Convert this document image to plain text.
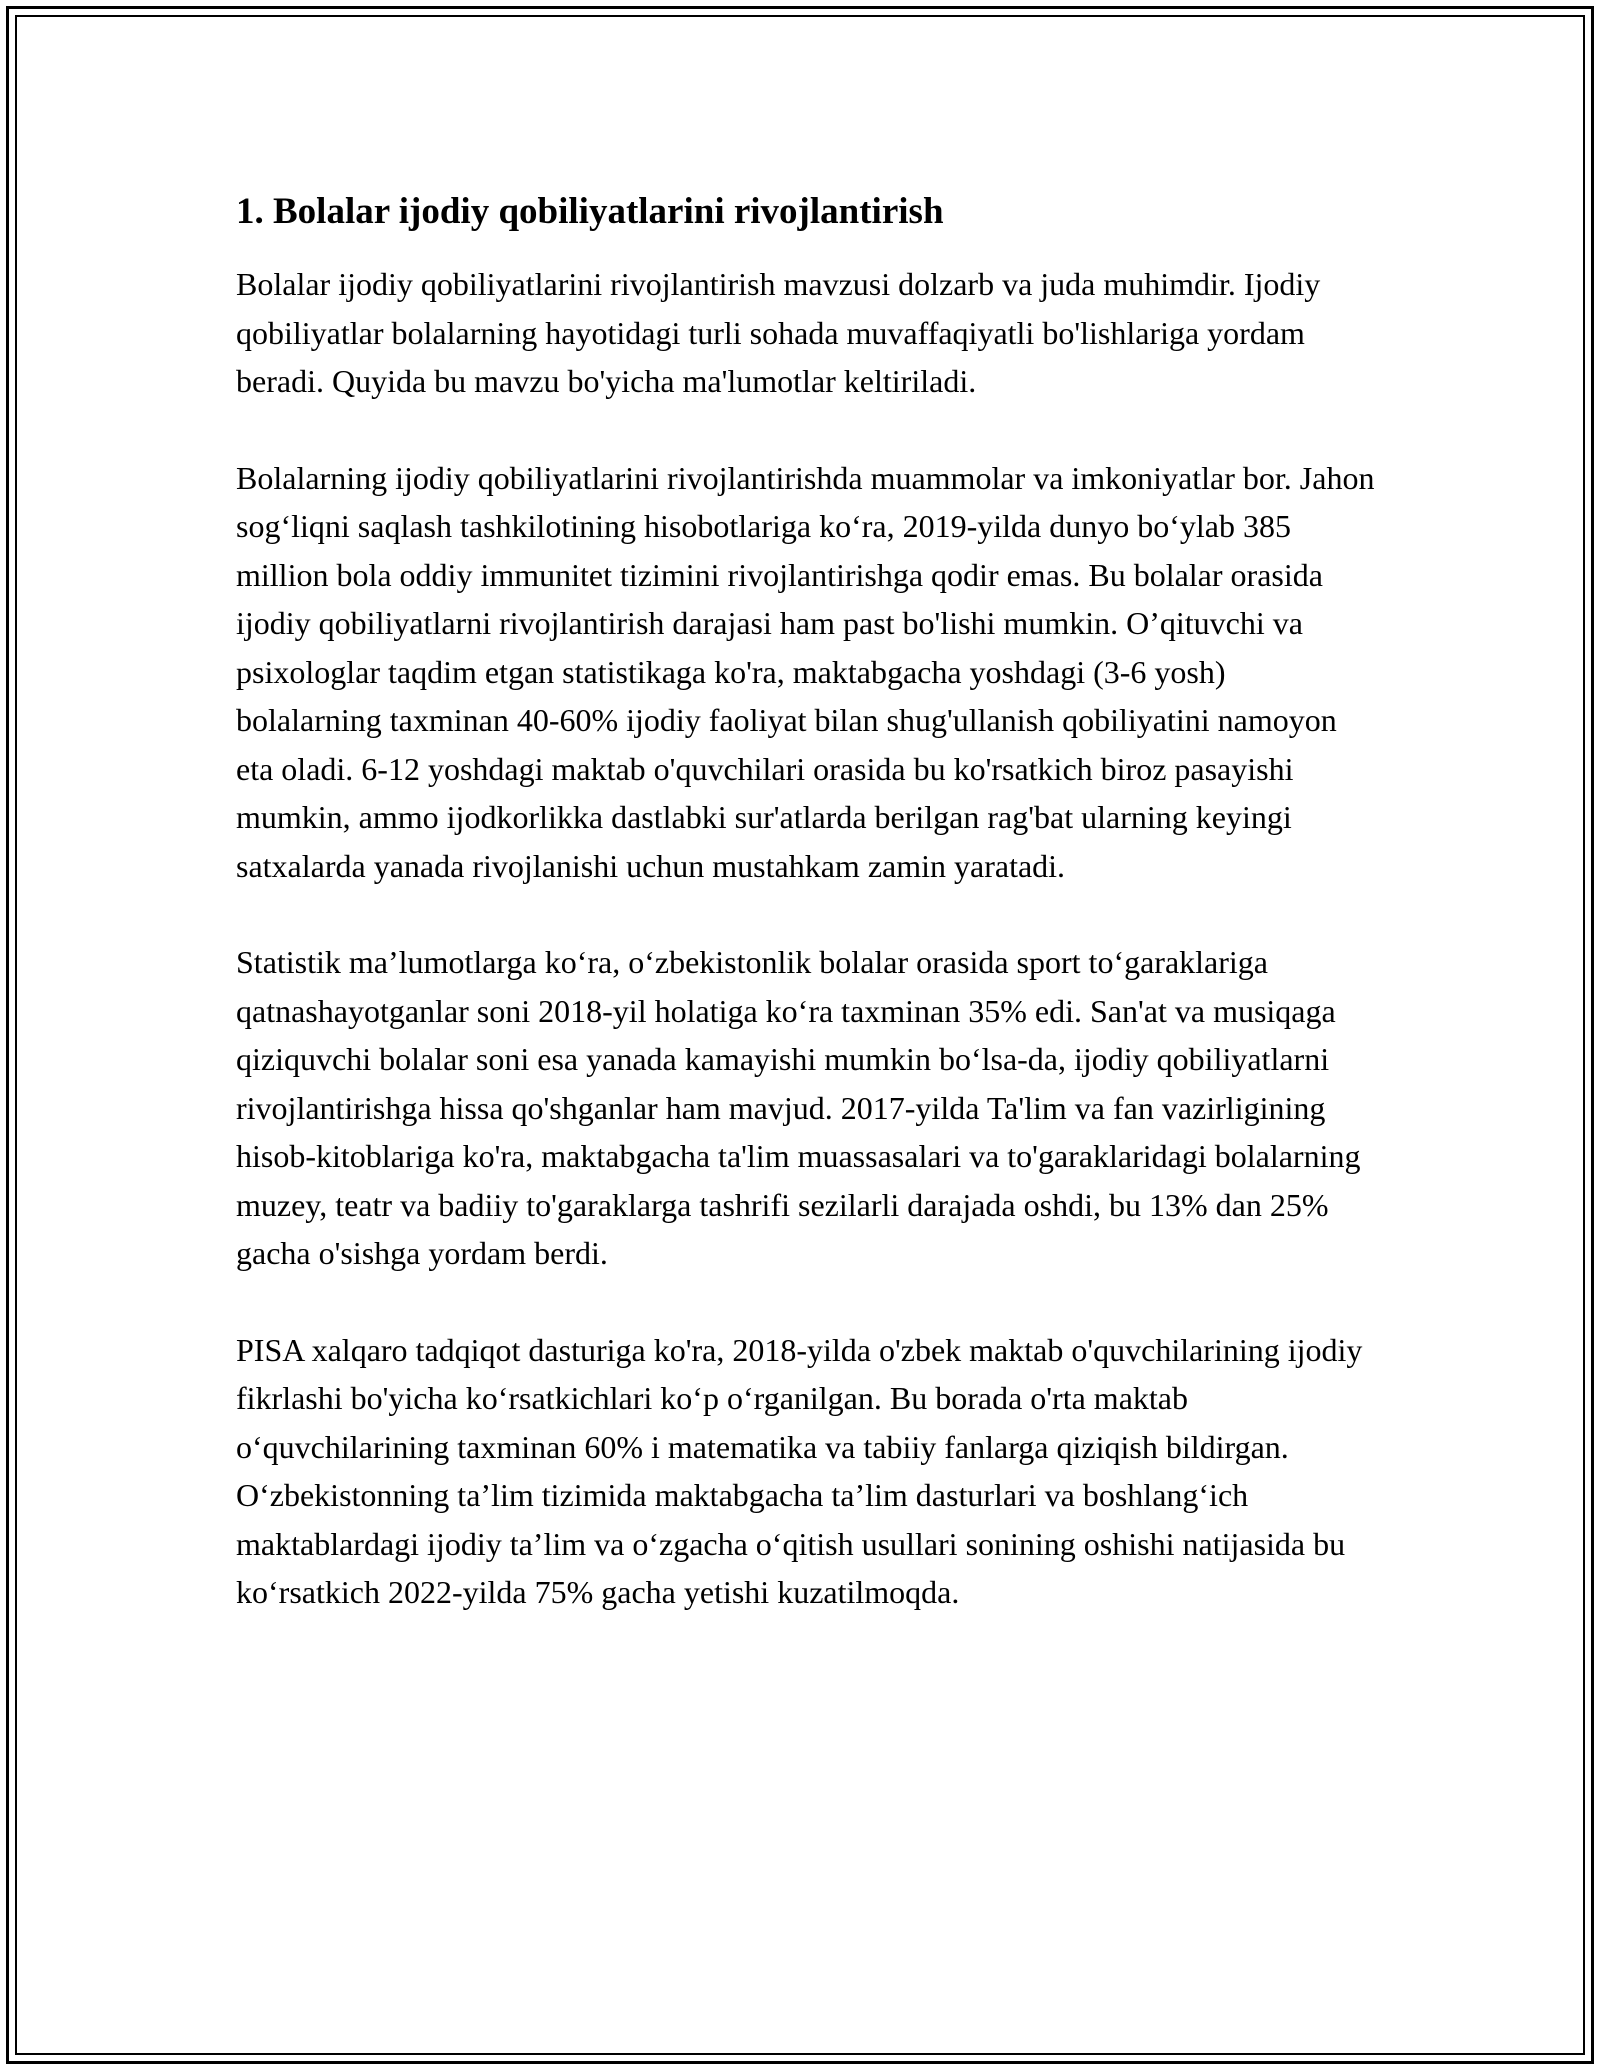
1. Bolalar ijodiy qobiliyatlarini rivojlantirish

Bolalar ijodiy qobiliyatlarini rivojlantirish mavzusi dolzarb va juda muhimdir. Ijodiy qobiliyatlar bolalarning hayotidagi turli sohada muvaffaqiyatli bo'lishlariga yordam beradi. Quyida bu mavzu bo'yicha ma'lumotlar keltiriladi.

Bolalarning ijodiy qobiliyatlarini rivojlantirishda muammolar va imkoniyatlar bor. Jahon sog‘liqni saqlash tashkilotining hisobotlariga ko‘ra, 2019-yilda dunyo bo‘ylab 385 million bola oddiy immunitet tizimini rivojlantirishga qodir emas. Bu bolalar orasida ijodiy qobiliyatlarni rivojlantirish darajasi ham past bo'lishi mumkin. O’qituvchi va psixologlar taqdim etgan statistikaga ko'ra, maktabgacha yoshdagi (3-6 yosh) bolalarning taxminan 40-60% ijodiy faoliyat bilan shug'ullanish qobiliyatini namoyon eta oladi. 6-12 yoshdagi maktab o'quvchilari orasida bu ko'rsatkich biroz pasayishi mumkin, ammo ijodkorlikka dastlabki sur'atlarda berilgan rag'bat ularning keyingi satxalarda yanada rivojlanishi uchun mustahkam zamin yaratadi.

Statistik ma’lumotlarga ko‘ra, o‘zbekistonlik bolalar orasida sport to‘garaklariga qatnashayotganlar soni 2018-yil holatiga ko‘ra taxminan 35% edi. San'at va musiqaga qiziquvchi bolalar soni esa yanada kamayishi mumkin bo‘lsa-da, ijodiy qobiliyatlarni rivojlantirishga hissa qo'shganlar ham mavjud. 2017-yilda Ta'lim va fan vazirligining hisob-kitoblariga ko'ra, maktabgacha ta'lim muassasalari va to'garaklaridagi bolalarning muzey, teatr va badiiy to'garaklarga tashrifi sezilarli darajada oshdi, bu 13% dan 25% gacha o'sishga yordam berdi.

PISA xalqaro tadqiqot dasturiga ko'ra, 2018-yilda o'zbek maktab o'quvchilarining ijodiy fikrlashi bo'yicha ko‘rsatkichlari ko‘p o‘rganilgan. Bu borada o'rta maktab o‘quvchilarining taxminan 60% i matematika va tabiiy fanlarga qiziqish bildirgan. O‘zbekistonning ta’lim tizimida maktabgacha ta’lim dasturlari va boshlang‘ich maktablardagi ijodiy ta’lim va o‘zgacha o‘qitish usullari sonining oshishi natijasida bu ko‘rsatkich 2022-yilda 75% gacha yetishi kuzatilmoqda.
